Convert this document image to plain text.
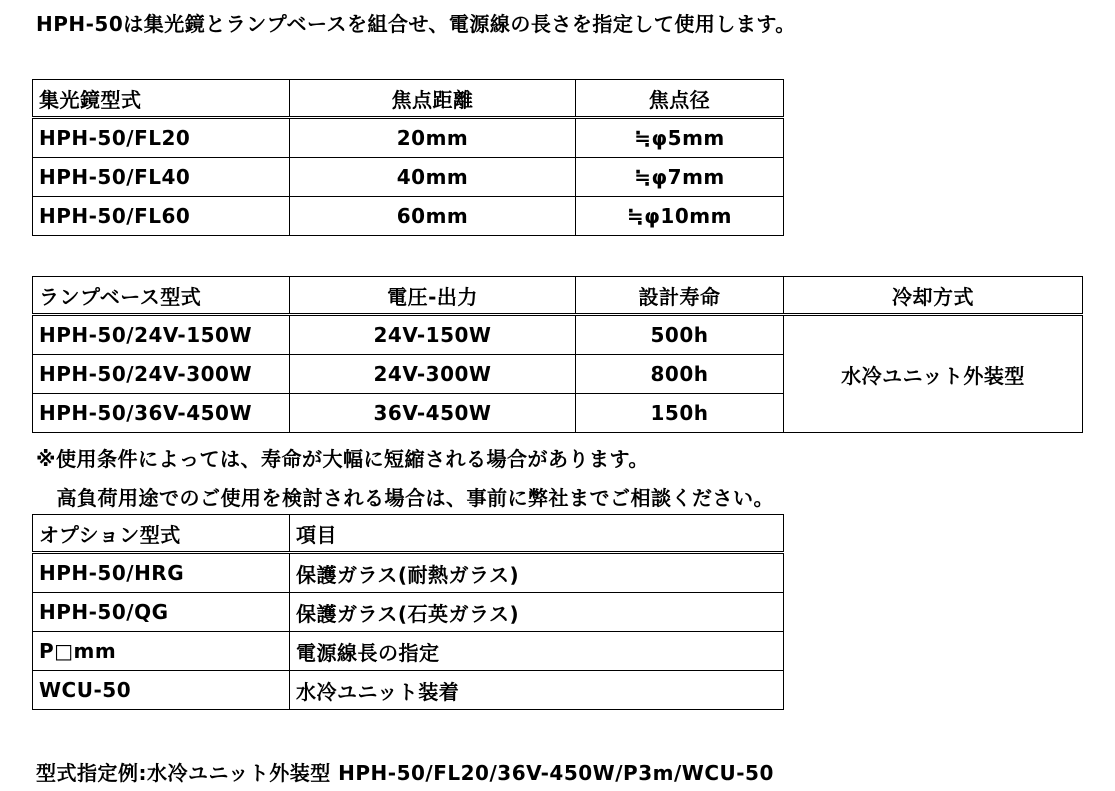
HPH-50は集光鏡とランプベースを組合せ、電源線の長さを指定して使用します。
集光鏡型式	焦点距離	焦点径
HPH-50/FL20	20mm	≒φ5mm
HPH-50/FL40	40mm	≒φ7mm
HPH-50/FL60	60mm	≒φ10mm
ランプベース型式	電圧-出力	設計寿命	冷却方式
HPH-50/24V-150W	24V-150W	500h	水冷ユニット外装型
HPH-50/24V-300W	24V-300W	800h	
HPH-50/36V-450W	36V-450W	150h	
※使用条件によっては、寿命が大幅に短縮される場合があります。
　高負荷用途でのご使用を検討される場合は、事前に弊社までご相談ください。
オプション型式	項目
HPH-50/HRG	保護ガラス(耐熱ガラス)
HPH-50/QG	保護ガラス(石英ガラス)
P□mm	電源線長の指定
WCU-50	水冷ユニット装着
型式指定例:水冷ユニット外装型 HPH-50/FL20/36V-450W/P3m/WCU-50
